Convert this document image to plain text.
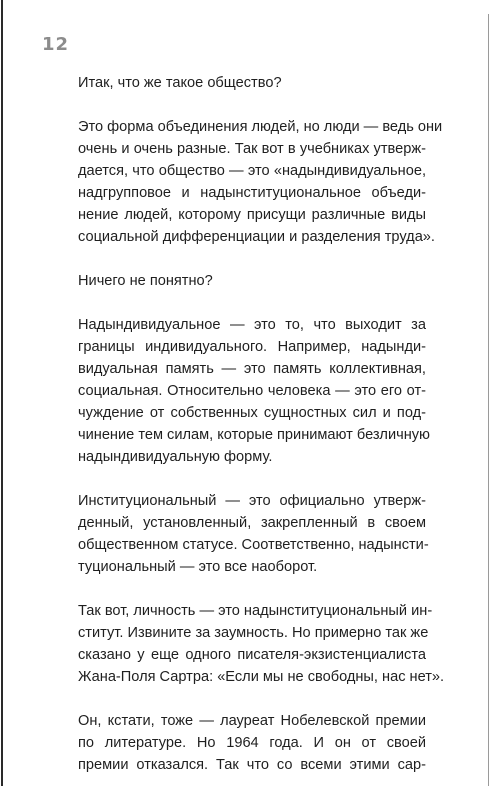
12

Итак, что же такое общество?

Это форма объединения людей, но люди — ведь они
очень и очень разные. Так вот в учебниках утверж-
дается, что общество — это «надындивидуальное,
надгрупповое и надынституциональное объеди-
нение людей, которому присущи различные виды
социальной дифференциации и разделения труда».

Ничего не понятно?

Надындивидуальное — это то, что выходит за
границы индивидуального. Например, надынди-
видуальная память — это память коллективная,
социальная. Относительно человека — это его от-
чуждение от собственных сущностных сил и под-
чинение тем силам, которые принимают безличную
надындивидуальную форму.

Институциональный — это официально утверж-
денный, установленный, закрепленный в своем
общественном статусе. Соответственно, надынсти-
туциональный — это все наоборот.

Так вот, личность — это надынституциональный ин-
ститут. Извините за заумность. Но примерно так же
сказано у еще одного писателя-экзистенциалиста
Жана-Поля Сартра: «Если мы не свободны, нас нет».

Он, кстати, тоже — лауреат Нобелевской премии
по литературе. Но 1964 года. И он от своей
премии отказался. Так что со всеми этими сар-
